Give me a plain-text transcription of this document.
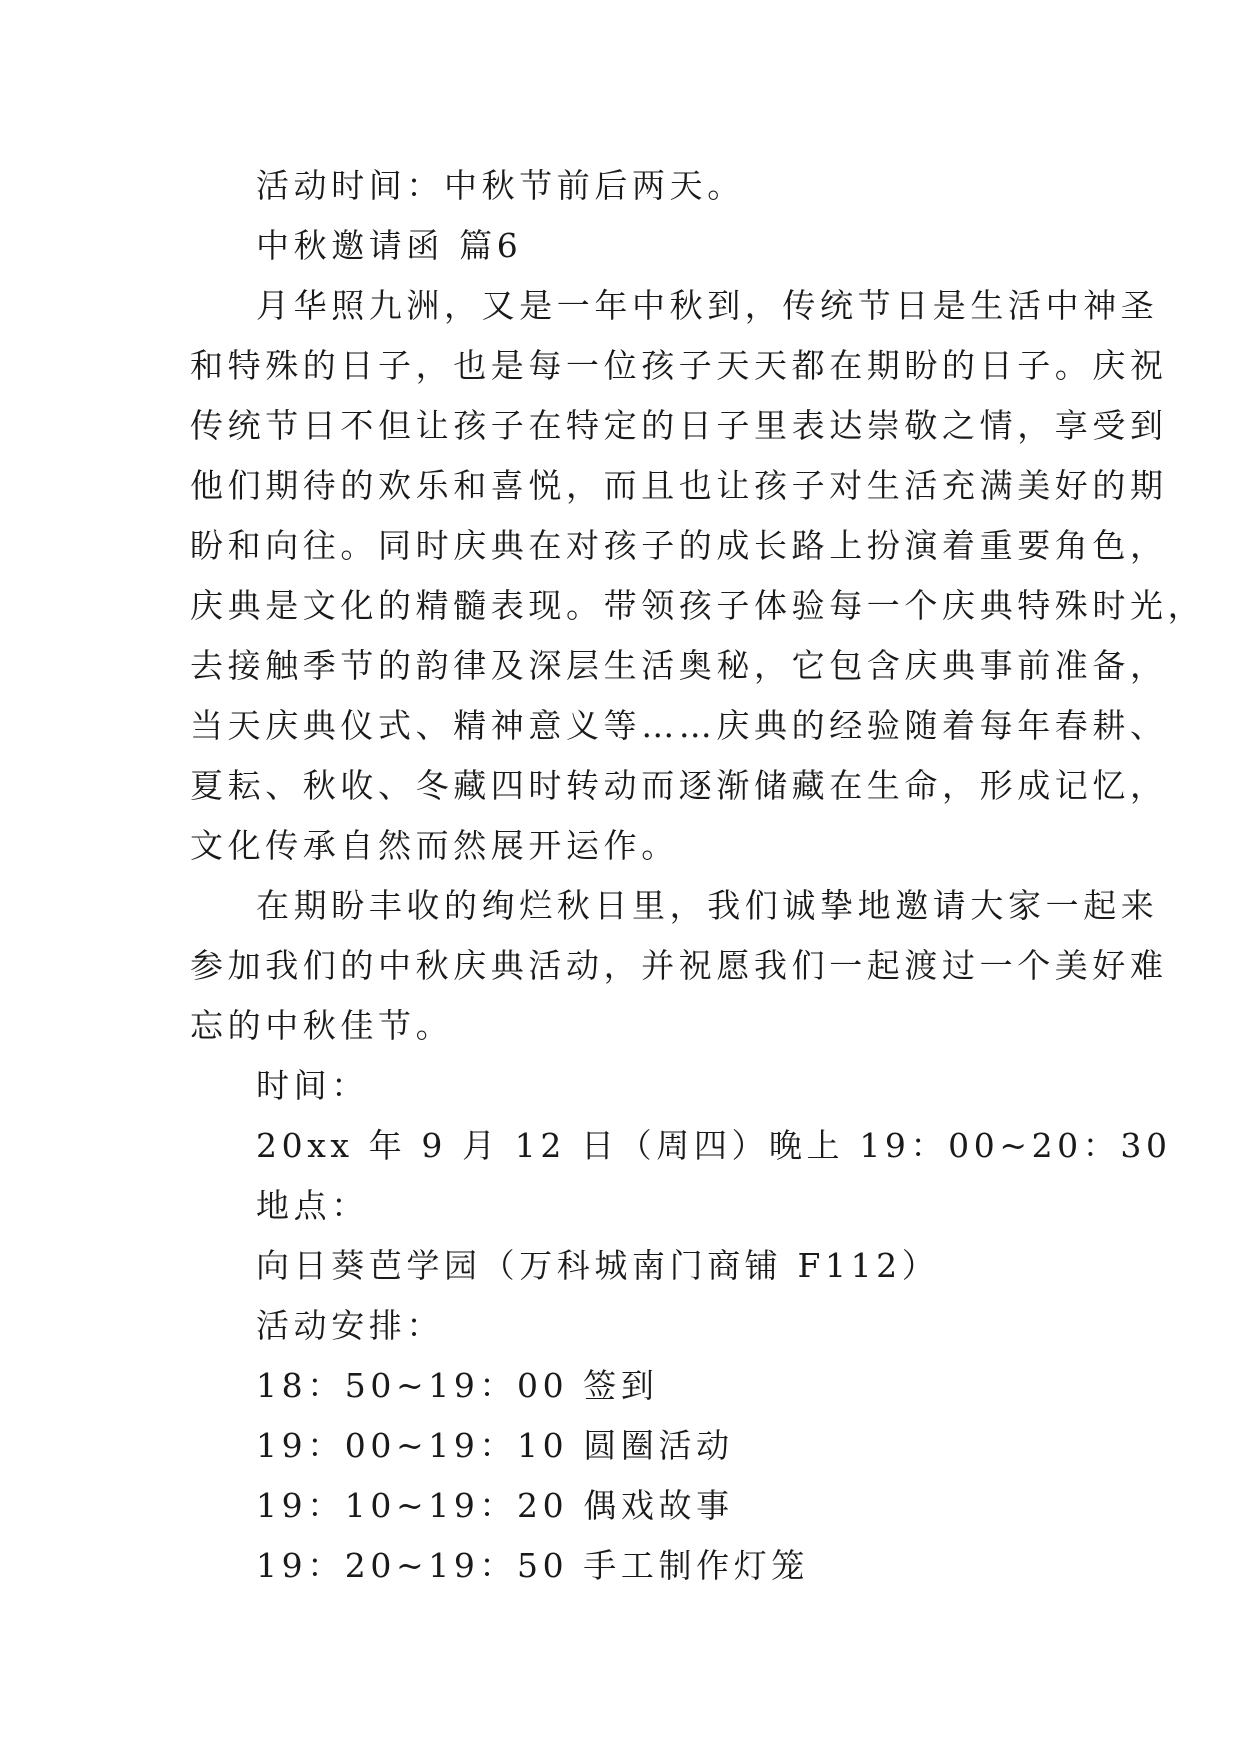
活动时间：中秋节前后两天。
中秋邀请函 篇6
月华照九洲，又是一年中秋到，传统节日是生活中神圣
和特殊的日子，也是每一位孩子天天都在期盼的日子。庆祝
传统节日不但让孩子在特定的日子里表达崇敬之情，享受到
他们期待的欢乐和喜悦，而且也让孩子对生活充满美好的期
盼和向往。同时庆典在对孩子的成长路上扮演着重要角色，
庆典是文化的精髓表现。带领孩子体验每一个庆典特殊时光，
去接触季节的韵律及深层生活奥秘，它包含庆典事前准备，
当天庆典仪式、精神意义等……庆典的经验随着每年春耕、
夏耘、秋收、冬藏四时转动而逐渐储藏在生命，形成记忆，
文化传承自然而然展开运作。
在期盼丰收的绚烂秋日里，我们诚挚地邀请大家一起来
参加我们的中秋庆典活动，并祝愿我们一起渡过一个美好难
忘的中秋佳节。
时间：
20xx 年 9 月 12 日（周四）晚上 19：00~20：30
地点：
向日葵芭学园（万科城南门商铺 F112）
活动安排：
18：50~19：00 签到
19：00~19：10 圆圈活动
19：10~19：20 偶戏故事
19：20~19：50 手工制作灯笼
